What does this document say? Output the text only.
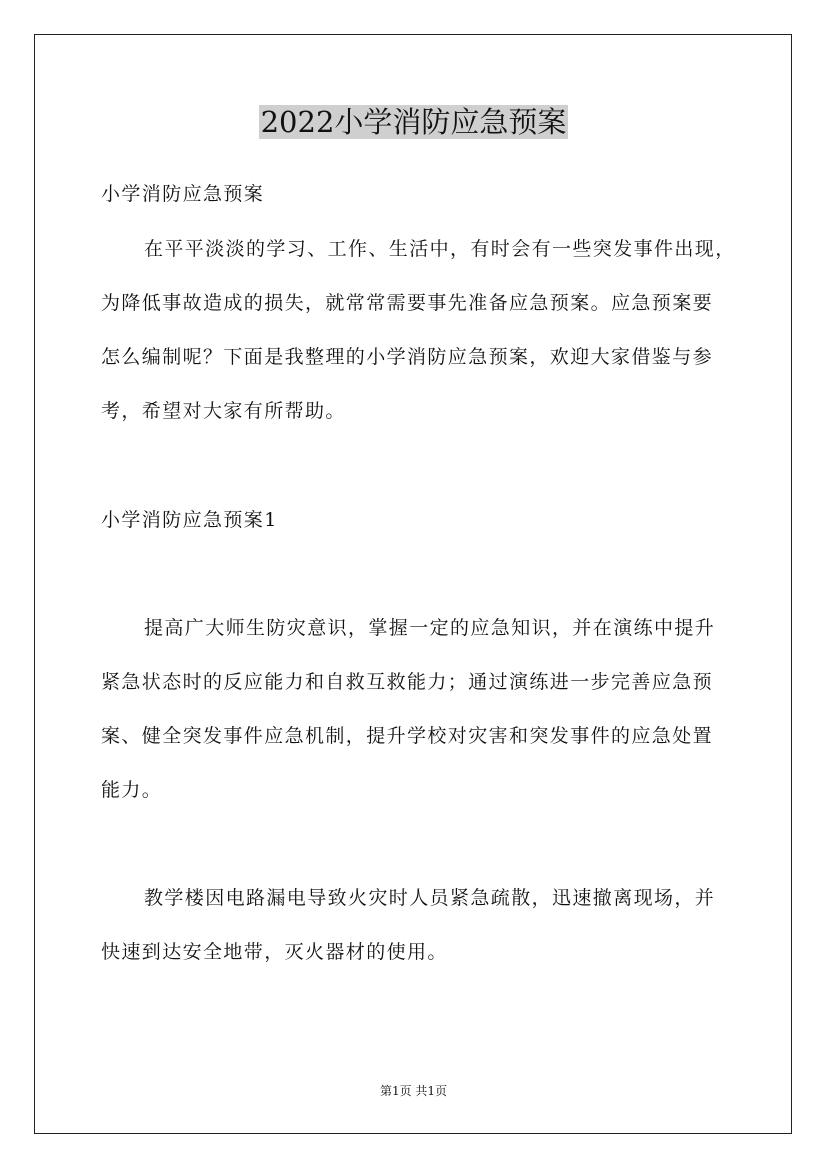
2022小学消防应急预案

小学消防应急预案

在平平淡淡的学习、工作、生活中，有时会有一些突发事件出现，

为降低事故造成的损失，就常常需要事先准备应急预案。应急预案要

怎么编制呢？下面是我整理的小学消防应急预案，欢迎大家借鉴与参

考，希望对大家有所帮助。

小学消防应急预案1

提高广大师生防灾意识，掌握一定的应急知识，并在演练中提升

紧急状态时的反应能力和自救互救能力；通过演练进一步完善应急预

案、健全突发事件应急机制，提升学校对灾害和突发事件的应急处置

能力。

教学楼因电路漏电导致火灾时人员紧急疏散，迅速撤离现场，并

快速到达安全地带，灭火器材的使用。

第1页 共1页
